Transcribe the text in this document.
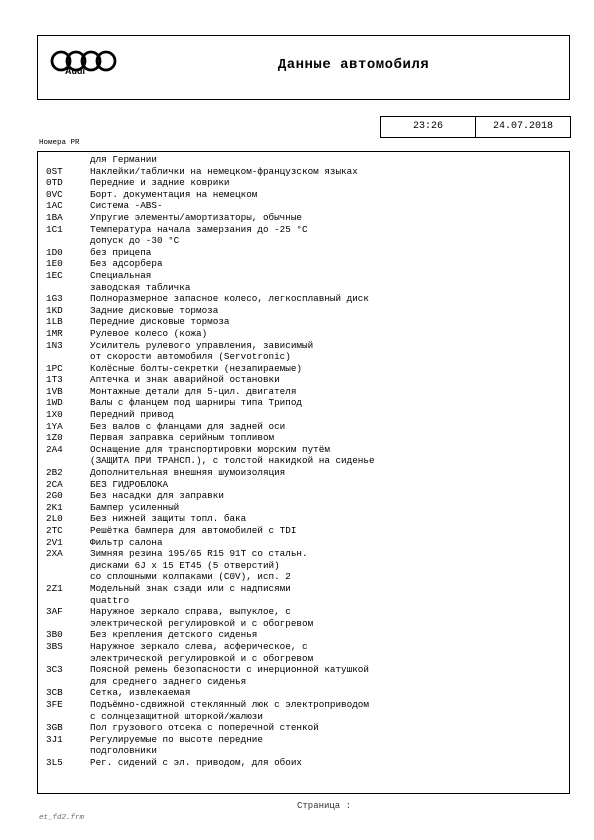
Audi	Данные автомобиля
23:26	24.07.2018
Номера PR
для Германии
0ST	Наклейки/таблички на немецком-французском языках
0TD	Передние и задние коврики
0VC	Борт. документация на немецком
1AC	Система -ABS-
1BA	Упругие элементы/амортизаторы, обычные
1C1	Температура начала замерзания до -25 °C
допуск до -30 °C
1D0	без прицепа
1E0	Без адсорбера
1EC	Специальная
заводская табличка
1G3	Полноразмерное запасное колесо, легкосплавный диск
1KD	Задние дисковые тормоза
1LB	Передние дисковые тормоза
1MR	Рулевое колесо (кожа)
1N3	Усилитель рулевого управления, зависимый
от скорости автомобиля (Servotronic)
1PC	Колёсные болты-секретки (незапираемые)
1T3	Аптечка и знак аварийной остановки
1VB	Монтажные детали для 5-цил. двигателя
1WD	Валы с фланцем под шарниры типа Трипод
1X0	Передний привод
1YA	Без валов с фланцами для задней оси
1Z0	Первая заправка серийным топливом
2A4	Оснащение для транспортировки морским путём
(ЗАЩИТА ПРИ ТРАНСП.), с толстой накидкой на сиденье
2B2	Дополнительная внешняя шумоизоляция
2CA	БЕЗ ГИДРОБЛОКА
2G0	Без насадки для заправки
2K1	Бампер усиленный
2L0	Без нижней защиты топл. бака
2TC	Решётка бампера для автомобилей с TDI
2V1	Фильтр салона
2XA	Зимняя резина 195/65 R15 91T со стальн.
дисками 6J x 15 ET45 (5 отверстий)
со сплошными колпаками (C0V), исп. 2
2Z1	Модельный знак сзади или с надписями
quattro
3AF	Наружное зеркало справа, выпуклое, с
электрической регулировкой и с обогревом
3B0	Без крепления детского сиденья
3BS	Наружное зеркало слева, асферическое, с
электрической регулировкой и с обогревом
3C3	Поясной ремень безопасности с инерционной катушкой
для среднего заднего сиденья
3CB	Сетка, извлекаемая
3FE	Подъёмно-сдвижной стеклянный люк с электроприводом
с солнцезащитной шторкой/жалюзи
3GB	Пол грузового отсека с поперечной стенкой
3J1	Регулируемые по высоте передние
подголовники
3L5	Рег. сидений с эл. приводом, для обоих
Страница :
et_fd2.frm
